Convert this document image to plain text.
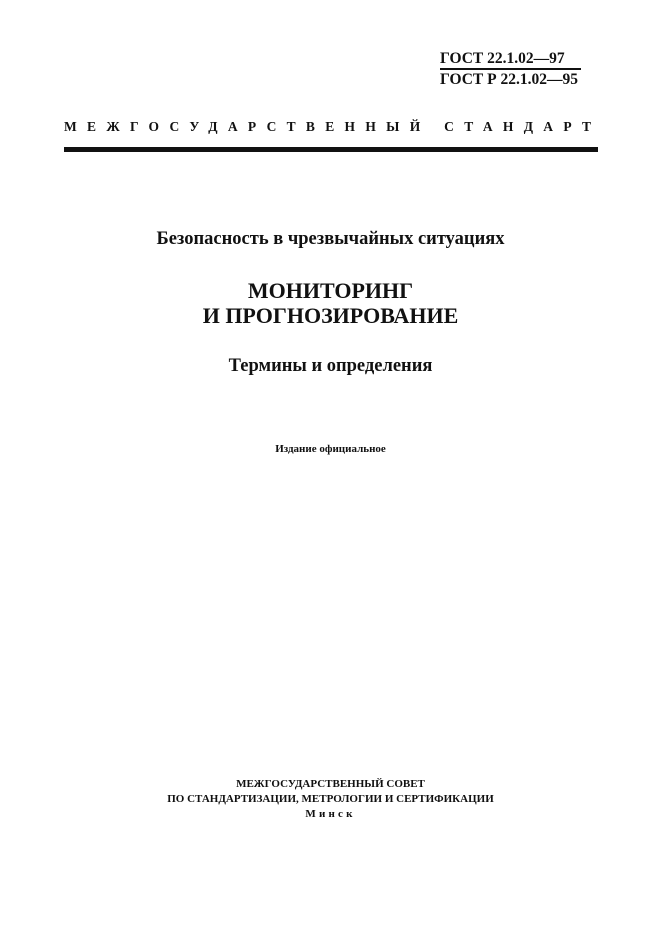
ГОСТ 22.1.02—97
ГОСТ Р 22.1.02—95
МЕЖГОСУДАРСТВЕННЫЙ СТАНДАРТ
Безопасность в чрезвычайных ситуациях
МОНИТОРИНГ
И ПРОГНОЗИРОВАНИЕ
Термины и определения
Издание официальное
МЕЖГОСУДАРСТВЕННЫЙ СОВЕТ
ПО СТАНДАРТИЗАЦИИ, МЕТРОЛОГИИ И СЕРТИФИКАЦИИ
Минск
